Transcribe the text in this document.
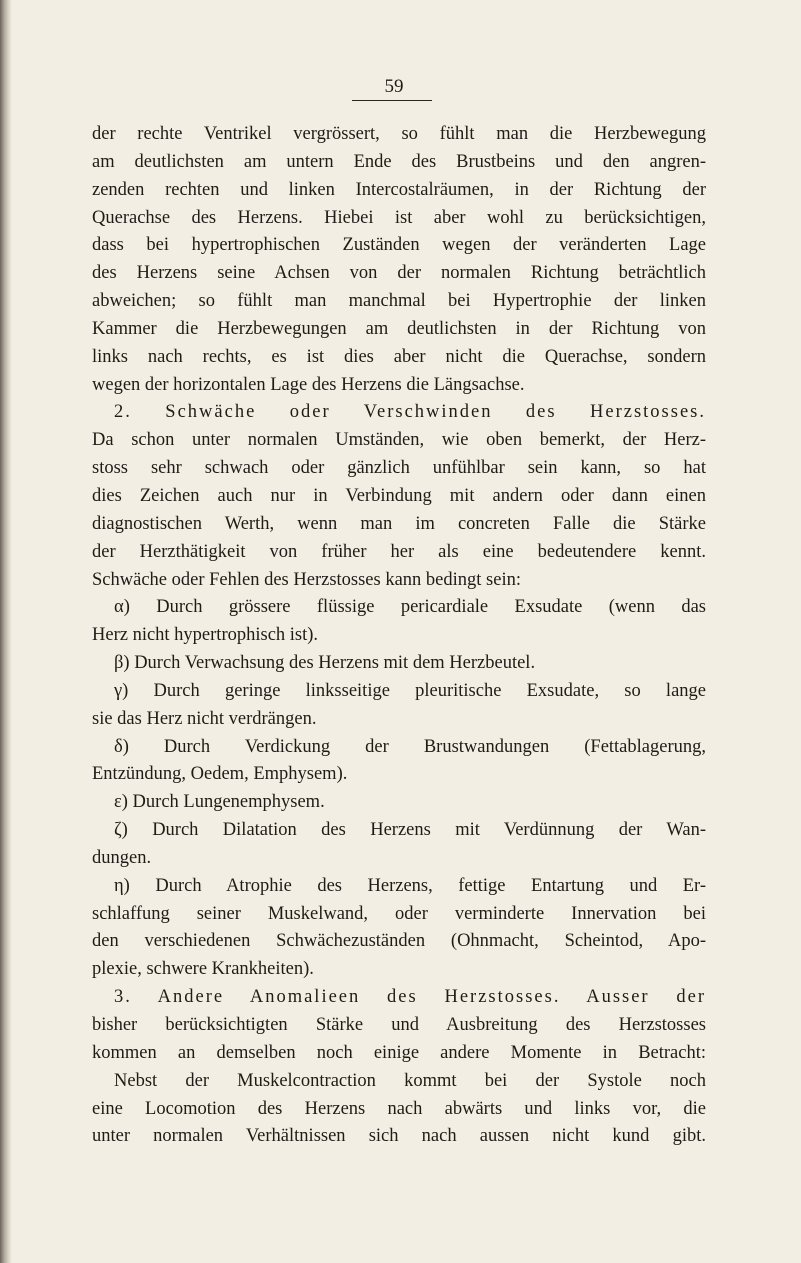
59
der rechte Ventrikel vergrössert, so fühlt man die Herzbewegung
am deutlichsten am untern Ende des Brustbeins und den angren-
zenden rechten und linken Intercostalräumen, in der Richtung der
Querachse des Herzens. Hiebei ist aber wohl zu berücksichtigen,
dass bei hypertrophischen Zuständen wegen der veränderten Lage
des Herzens seine Achsen von der normalen Richtung beträchtlich
abweichen; so fühlt man manchmal bei Hypertrophie der linken
Kammer die Herzbewegungen am deutlichsten in der Richtung von
links nach rechts, es ist dies aber nicht die Querachse, sondern
wegen der horizontalen Lage des Herzens die Längsachse.
2. Schwäche oder Verschwinden des Herzstosses.
Da schon unter normalen Umständen, wie oben bemerkt, der Herz-
stoss sehr schwach oder gänzlich unfühlbar sein kann, so hat
dies Zeichen auch nur in Verbindung mit andern oder dann einen
diagnostischen Werth, wenn man im concreten Falle die Stärke
der Herzthätigkeit von früher her als eine bedeutendere kennt.
Schwäche oder Fehlen des Herzstosses kann bedingt sein:
α) Durch grössere flüssige pericardiale Exsudate (wenn das
Herz nicht hypertrophisch ist).
β) Durch Verwachsung des Herzens mit dem Herzbeutel.
γ) Durch geringe linksseitige pleuritische Exsudate, so lange
sie das Herz nicht verdrängen.
δ) Durch Verdickung der Brustwandungen (Fettablagerung,
Entzündung, Oedem, Emphysem).
ε) Durch Lungenemphysem.
ζ) Durch Dilatation des Herzens mit Verdünnung der Wan-
dungen.
η) Durch Atrophie des Herzens, fettige Entartung und Er-
schlaffung seiner Muskelwand, oder verminderte Innervation bei
den verschiedenen Schwächezuständen (Ohnmacht, Scheintod, Apo-
plexie, schwere Krankheiten).
3. Andere Anomalieen des Herzstosses. Ausser der
bisher berücksichtigten Stärke und Ausbreitung des Herzstosses
kommen an demselben noch einige andere Momente in Betracht:
Nebst der Muskelcontraction kommt bei der Systole noch
eine Locomotion des Herzens nach abwärts und links vor, die
unter normalen Verhältnissen sich nach aussen nicht kund gibt.
